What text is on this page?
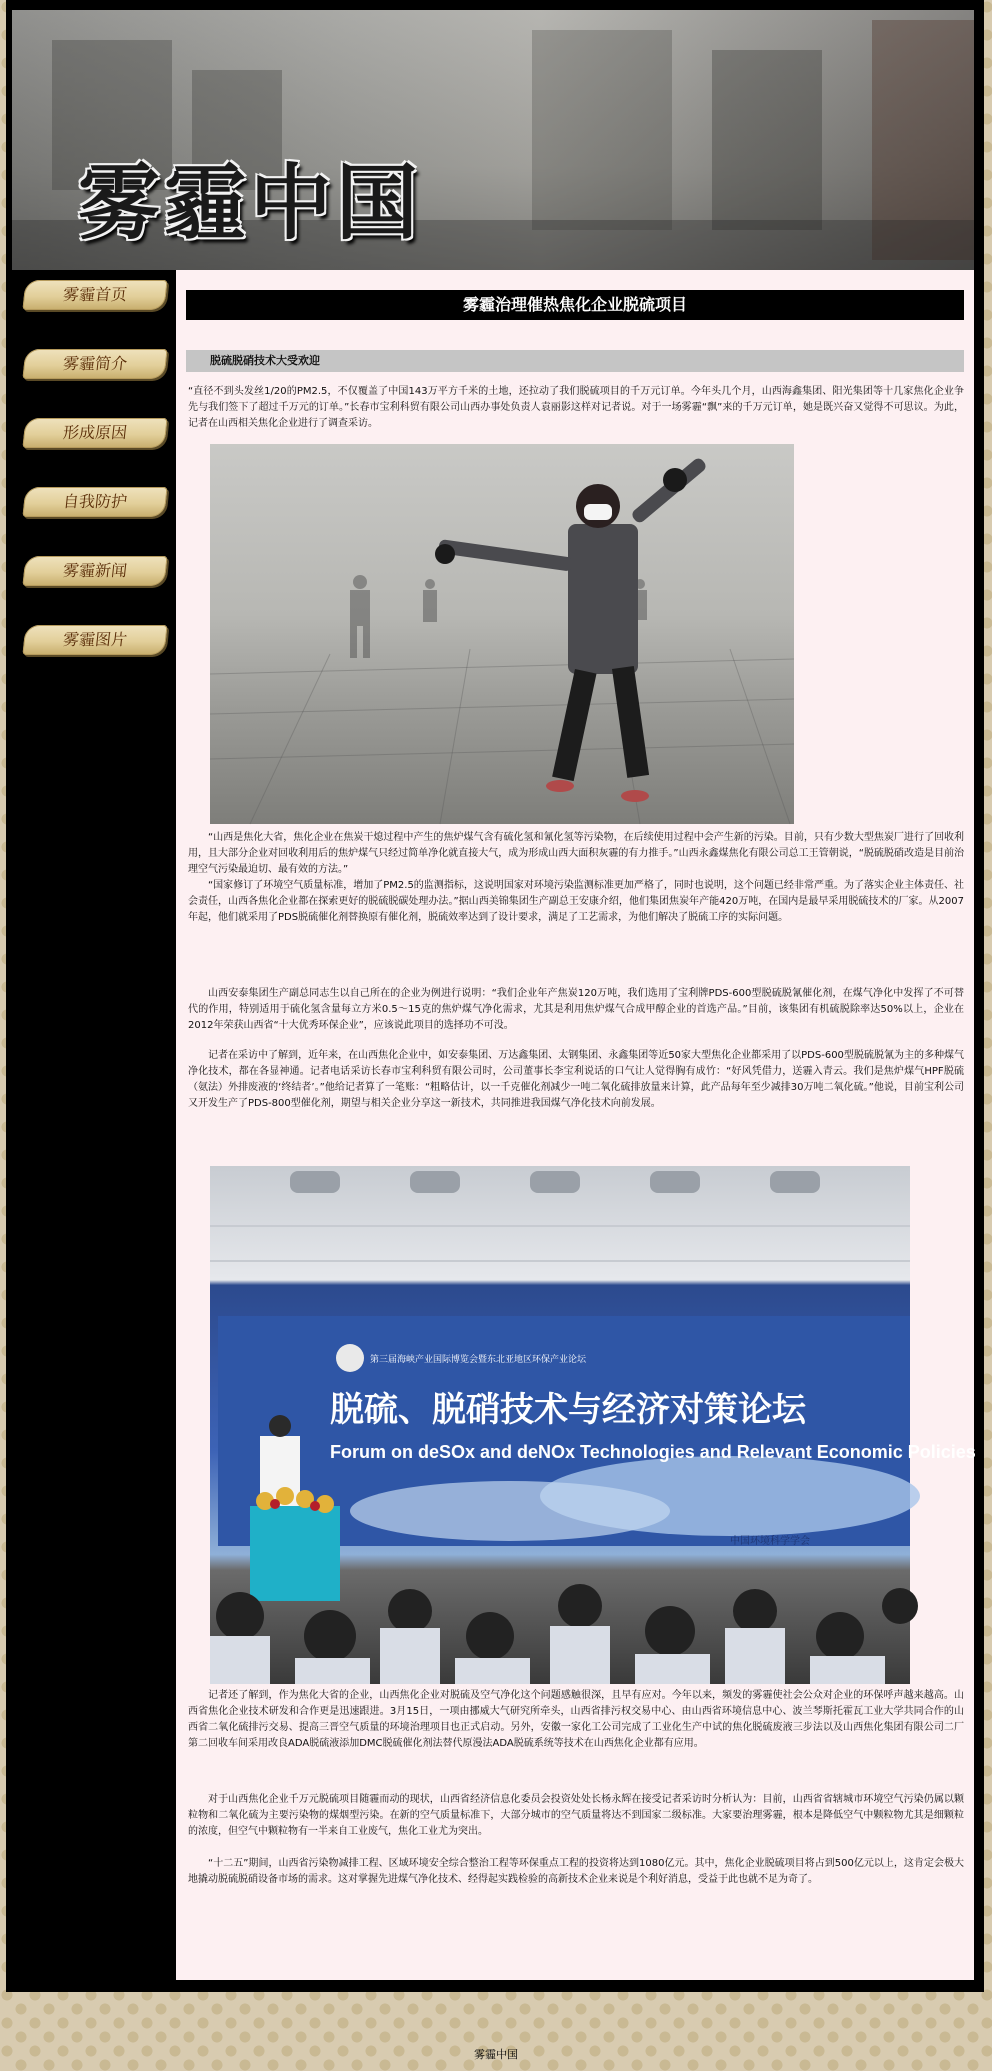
雾霾中国
雾霾首页
雾霾简介
形成原因
自我防护
雾霾新闻
雾霾图片
雾霾治理催热焦化企业脱硫项目
脱硫脱硝技术大受欢迎
“直径不到头发丝1/20的PM2.5，不仅覆盖了中国143万平方千米的土地，还拉动了我们脱硫项目的千万元订单。今年头几个月，山西海鑫集团、阳光集团等十几家焦化企业争先与我们签下了超过千万元的订单。”长春市宝利科贸有限公司山西办事处负责人袁丽影这样对记者说。对于一场雾霾“飘”来的千万元订单，她是既兴奋又觉得不可思议。为此，记者在山西相关焦化企业进行了调查采访。
“山西是焦化大省，焦化企业在焦炭干熄过程中产生的焦炉煤气含有硫化氢和氰化氢等污染物，在后续使用过程中会产生新的污染。目前，只有少数大型焦炭厂进行了回收利用，且大部分企业对回收利用后的焦炉煤气只经过简单净化就直接大气，成为形成山西大面积灰霾的有力推手。”山西永鑫煤焦化有限公司总工王管朝说，“脱硫脱硝改造是目前治理空气污染最迫切、最有效的方法。”
“国家修订了环境空气质量标准，增加了PM2.5的监测指标，这说明国家对环境污染监测标准更加严格了，同时也说明，这个问题已经非常严重。为了落实企业主体责任、社会责任，山西各焦化企业都在探索更好的脱硫脱碳处理办法。”据山西美锦集团生产副总王安康介绍，他们集团焦炭年产能420万吨，在国内是最早采用脱硫技术的厂家。从2007年起，他们就采用了PDS脱硫催化剂替换原有催化剂，脱硫效率达到了设计要求，满足了工艺需求，为他们解决了脱硫工序的实际问题。
山西安泰集团生产副总同志生以自己所在的企业为例进行说明：“我们企业年产焦炭120万吨，我们选用了宝利牌PDS-600型脱硫脱氰催化剂，在煤气净化中发挥了不可替代的作用，特别适用于硫化氢含量每立方米0.5～15克的焦炉煤气净化需求，尤其是利用焦炉煤气合成甲醇企业的首选产品。”目前，该集团有机硫脱除率达50%以上，企业在2012年荣获山西省“十大优秀环保企业”，应该说此项目的选择功不可没。
记者在采访中了解到，近年来，在山西焦化企业中，如安泰集团、万达鑫集团、太钢集团、永鑫集团等近50家大型焦化企业都采用了以PDS-600型脱硫脱氰为主的多种煤气净化技术，都在各显神通。记者电话采访长春市宝利科贸有限公司时，公司董事长李宝利说话的口气让人觉得胸有成竹：“好风凭借力，送霾入青云。我们是焦炉煤气HPF脱硫（氨法）外排废液的‘终结者’。”他给记者算了一笔账：“粗略估计，以一千克催化剂减少一吨二氧化硫排放量来计算，此产品每年至少减排30万吨二氧化硫。”他说，目前宝利公司又开发生产了PDS-800型催化剂，期望与相关企业分享这一新技术，共同推进我国煤气净化技术向前发展。
第三届海峡产业国际博览会暨东北亚地区环保产业论坛
脱硫、脱硝技术与经济对策论坛
Forum on deSOx and deNOx Technologies and Relevant Economic Policies
中国环境科学学会
记者还了解到，作为焦化大省的企业，山西焦化企业对脱硫及空气净化这个问题感触很深，且早有应对。今年以来，频发的雾霾使社会公众对企业的环保呼声越来越高。山西省焦化企业技术研发和合作更是迅速跟进。3月15日，一项由挪威大气研究所牵头，山西省排污权交易中心、由山西省环境信息中心、波兰琴斯托霍瓦工业大学共同合作的山西省二氧化硫排污交易、提高三晋空气质量的环境治理项目也正式启动。另外，安徽一家化工公司完成了工业化生产中试的焦化脱硫废液三步法以及山西焦化集团有限公司二厂第二回收车间采用改良ADA脱硫液添加DMC脱硫催化剂法替代原漫法ADA脱硫系统等技术在山西焦化企业都有应用。
对于山西焦化企业千万元脱硫项目随霾而动的现状，山西省经济信息化委员会投资处处长杨永辉在接受记者采访时分析认为：目前，山西省省辖城市环境空气污染仍属以颗粒物和二氧化硫为主要污染物的煤烟型污染。在新的空气质量标准下，大部分城市的空气质量将达不到国家二级标准。大家要治理雾霾，根本是降低空气中颗粒物尤其是细颗粒的浓度，但空气中颗粒物有一半来自工业废气，焦化工业尤为突出。
“十二五”期间，山西省污染物减排工程、区域环境安全综合整治工程等环保重点工程的投资将达到1080亿元。其中，焦化企业脱硫项目将占到500亿元以上，这肯定会极大地撬动脱硫脱硝设备市场的需求。这对掌握先进煤气净化技术、经得起实践检验的高新技术企业来说是个利好消息，受益于此也就不足为奇了。
雾霾中国
